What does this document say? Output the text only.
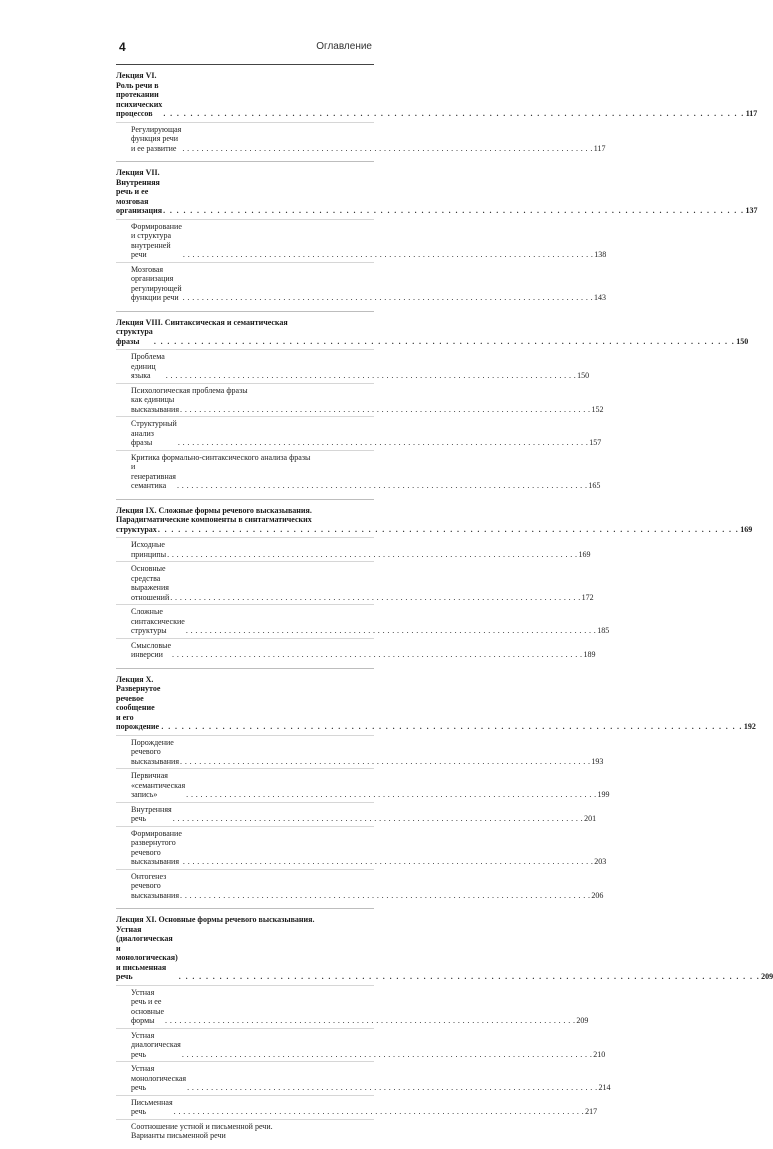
4	Оглавление
Лекция VI. Роль речи в протекании психических процессов . . .	117
Регулирующая функция речи и ее развитие . . .	117
Лекция VII. Внутренняя речь и ее мозговая организация . . .	137
Формирование и структура внутренней речи . . .	138
Мозговая организация регулирующей функции речи . . .	143
Лекция VIII. Синтаксическая и семантическая
структура фразы . . .	150
Проблема единиц языка . . .	150
Психологическая проблема фразы
как единицы высказывания . . .	152
Структурный анализ фразы . . .	157
Критика формально-синтаксического анализа фразы
и генеративная семантика . . .	165
Лекция IX. Сложные формы речевого высказывания.
Парадигматические компоненты в синтагматических
структурах . . .	169
Исходные принципы . . .	169
Основные средства выражения отношений . . .	172
Сложные синтаксические структуры . . .	185
Смысловые инверсии . . .	189
Лекция X. Развернутое речевое сообщение и его порождение . . .	192
Порождение речевого высказывания . . .	193
Первичная «семантическая запись» . . .	199
Внутренняя речь . . .	201
Формирование развернутого речевого высказывания . . .	203
Онтогенез речевого высказывания . . .	206
Лекция XI. Основные формы речевого высказывания.
Устная (диалогическая и монологическая) и письменная речь . . .	209
Устная речь и ее основные формы . . .	209
Устная диалогическая речь . . .	210
Устная монологическая речь . . .	214
Письменная речь . . .	217
Соотношение устной и письменной речи.
Варианты письменной речи
